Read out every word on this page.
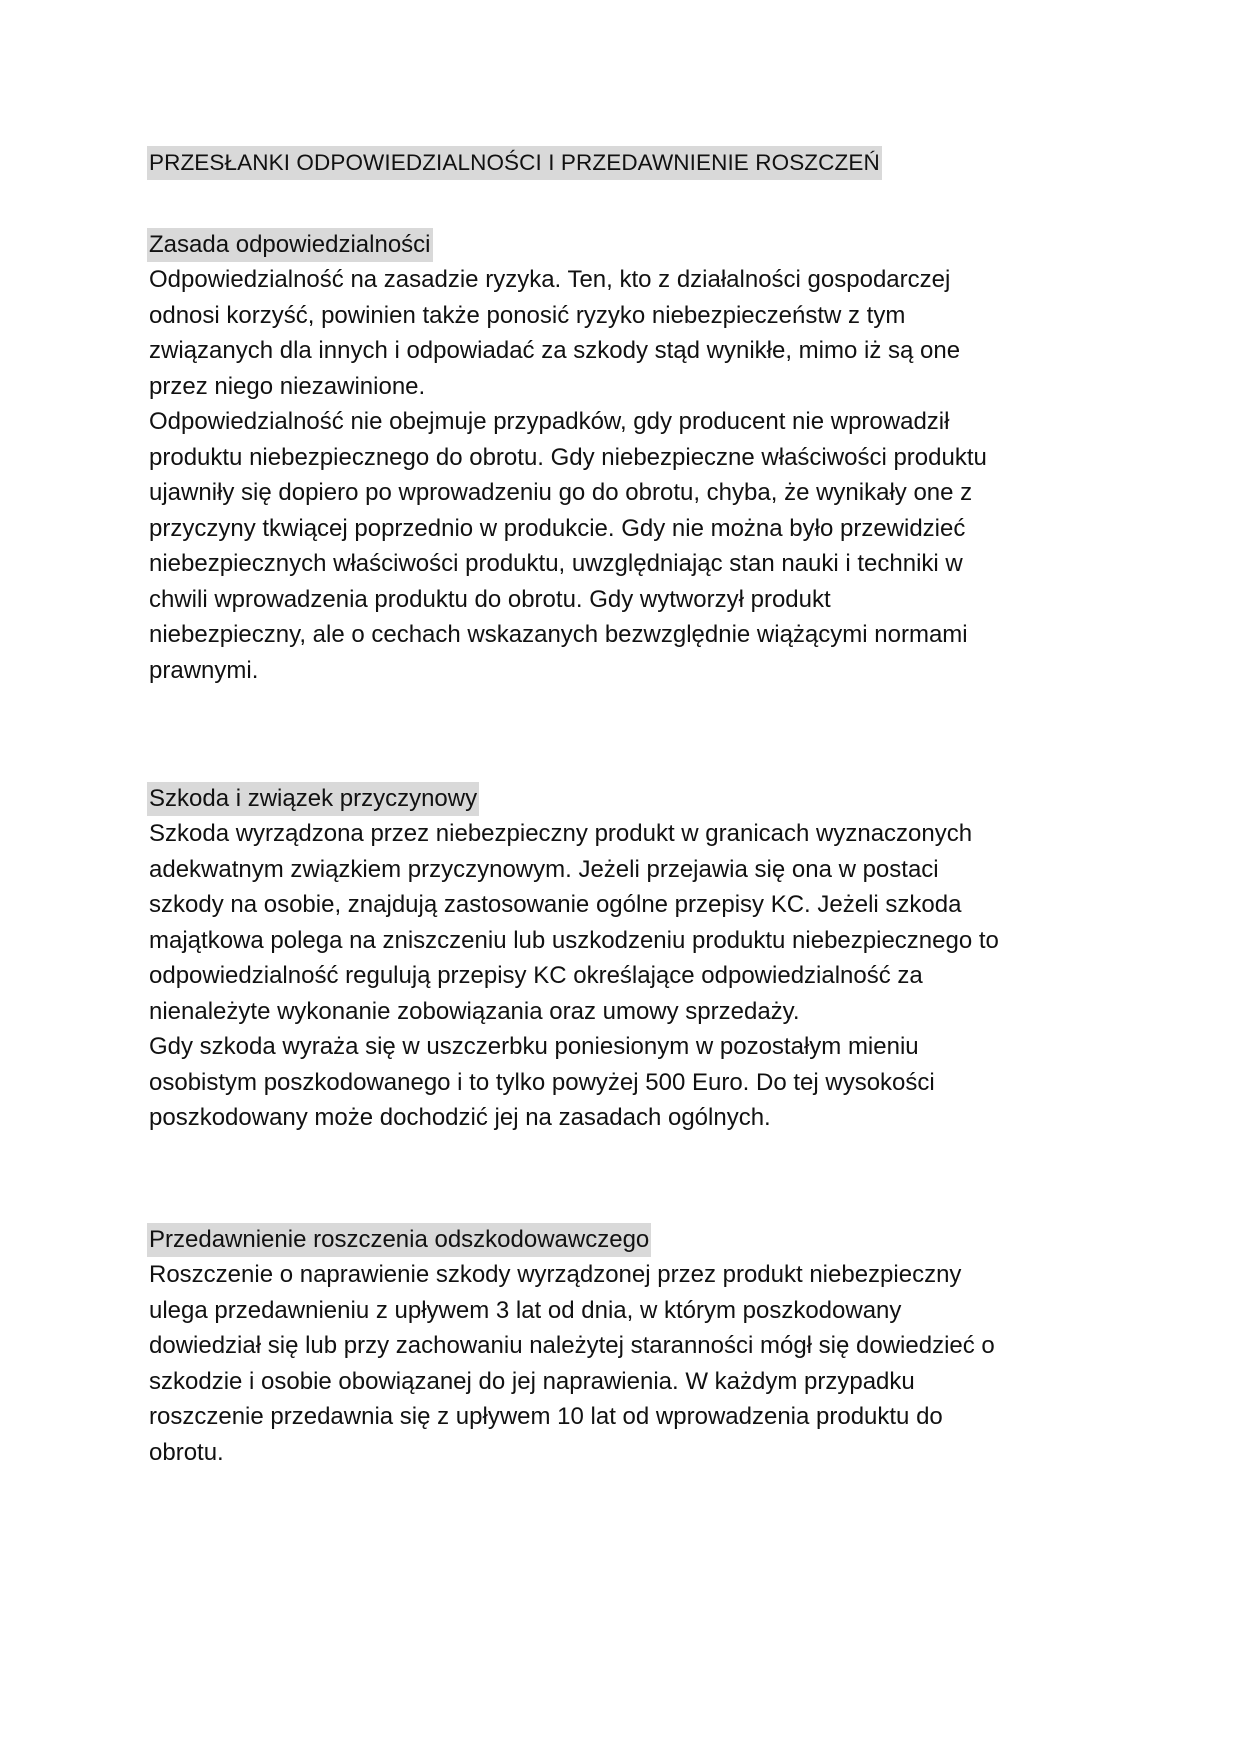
PRZESŁANKI ODPOWIEDZIALNOŚCI I PRZEDAWNIENIE ROSZCZEŃ
Zasada odpowiedzialności

Odpowiedzialność na zasadzie ryzyka. Ten, kto z działalności gospodarczej
odnosi korzyść, powinien także ponosić ryzyko niebezpieczeństw z tym
związanych dla innych i odpowiadać za szkody stąd wynikłe, mimo iż są one
przez niego niezawinione.

Odpowiedzialność nie obejmuje przypadków, gdy producent nie wprowadził
produktu niebezpiecznego do obrotu. Gdy niebezpieczne właściwości produktu
ujawniły się dopiero po wprowadzeniu go do obrotu, chyba, że wynikały one z
przyczyny tkwiącej poprzednio w produkcie. Gdy nie można było przewidzieć
niebezpiecznych właściwości produktu, uwzględniając stan nauki i techniki w
chwili wprowadzenia produktu do obrotu. Gdy wytworzył produkt
niebezpieczny, ale o cechach wskazanych bezwzględnie wiążącymi normami
prawnymi.

Szkoda i związek przyczynowy

Szkoda wyrządzona przez niebezpieczny produkt w granicach wyznaczonych
adekwatnym związkiem przyczynowym. Jeżeli przejawia się ona w postaci
szkody na osobie, znajdują zastosowanie ogólne przepisy KC. Jeżeli szkoda
majątkowa polega na zniszczeniu lub uszkodzeniu produktu niebezpiecznego to
odpowiedzialność regulują przepisy KC określające odpowiedzialność za
nienależyte wykonanie zobowiązania oraz umowy sprzedaży.

Gdy szkoda wyraża się w uszczerbku poniesionym w pozostałym mieniu
osobistym poszkodowanego i to tylko powyżej 500 Euro. Do tej wysokości
poszkodowany może dochodzić jej na zasadach ogólnych.

Przedawnienie roszczenia odszkodowawczego

Roszczenie o naprawienie szkody wyrządzonej przez produkt niebezpieczny
ulega przedawnieniu z upływem 3 lat od dnia, w którym poszkodowany
dowiedział się lub przy zachowaniu należytej staranności mógł się dowiedzieć o
szkodzie i osobie obowiązanej do jej naprawienia. W każdym przypadku
roszczenie przedawnia się z upływem 10 lat od wprowadzenia produktu do
obrotu.
